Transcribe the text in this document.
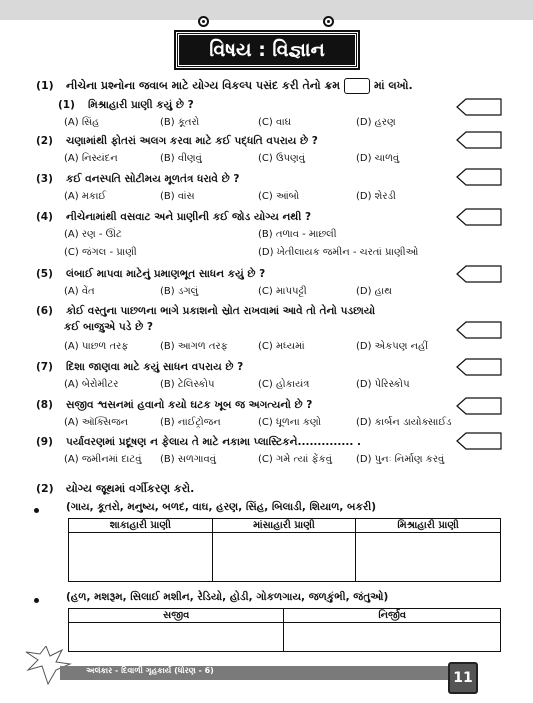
વિષય : વિજ્ઞાન
(1) નીચેના પ્રશ્નોના જવાબ માટે યોગ્ય વિકલ્પ પસંદ કરી તેનો ક્રમ	માં લખો.
(1) મિશ્રાહારી પ્રાણી કયું છે ?
(A) સિંહ	(B) કૂતરો	(C) વાઘ	(D) હરણ
(2) ચણામાંથી ફોતરાં અલગ કરવા માટે કઈ પદ્ધતિ વપરાય છે ?
(A) નિસ્યંદન	(B) વીણવું	(C) ઉપણવું	(D) ચાળવું
(3) કઈ વનસ્પતિ સોટીમય મૂળતંત્ર ધરાવે છે ?
(A) મકાઈ	(B) વાંસ	(C) આંબો	(D) શેરડી
(4) નીચેનામાંથી વસવાટ અને પ્રાણીની કઈ જોડ યોગ્ય નથી ?
(A) રણ - ઊંટ	(B) તળાવ - માછલી
(C) જંગલ - પ્રાણી	(D) ખેતીલાયક જમીન - ચરતાં પ્રાણીઓ
(5) લંબાઈ માપવા માટેનું પ્રમાણભૂત સાધન કયું છે ?
(A) વેંત	(B) ડગલું	(C) માપપટ્ટી	(D) હાથ
(6) કોઈ વસ્તુના પાછળના ભાગે પ્રકાશનો સ્રોત રાખવામાં આવે તો તેનો પડછાયો
કઈ બાજુએ પડે છે ?
(A) પાછળ તરફ	(B) આગળ તરફ	(C) મધ્યમાં	(D) એકપણ નહીં
(7) દિશા જાણવા માટે કયું સાધન વપરાય છે ?
(A) બેરોમીટર	(B) ટેલિસ્કોપ	(C) હોકાયંત્ર	(D) પેરિસ્કોપ
(8) સજીવ શ્વસનમાં હવાનો કયો ઘટક ખૂબ જ અગત્યનો છે ?
(A) ઑક્સિજન	(B) નાઈટ્રોજન	(C) ધૂળના કણો	(D) કાર્બન ડાયોક્સાઈડ
(9) પર્યાવરણમાં પ્રદૂષણ ન ફેલાય તે માટે નકામા પ્લાસ્ટિકને.............. .
(A) જમીનમાં દાટવું (B) સળગાવવું	(C) ગમે ત્યાં ફેંકવું (D) પુનઃ નિર્માણ કરવું
(2) યોગ્ય જૂથમાં વર્ગીકરણ કરો.
(ગાય, કૂતરો, મનુષ્ય, બળદ, વાઘ, હરણ, સિંહ, બિલાડી, શિયાળ, બકરી)
શાકાહારી પ્રાણી	માંસાહારી પ્રાણી	મિશ્રાહારી પ્રાણી

(હળ, મશરૂમ, સિલાઈ મશીન, રેડિયો, હોડી, ગોકળગાય, જળકુંભી, જંતુઓ)
સજીવ	નિર્જીવ

અલંકાર - દિવાળી ગૃહકાર્ય (ધોરણ - 6)	11
